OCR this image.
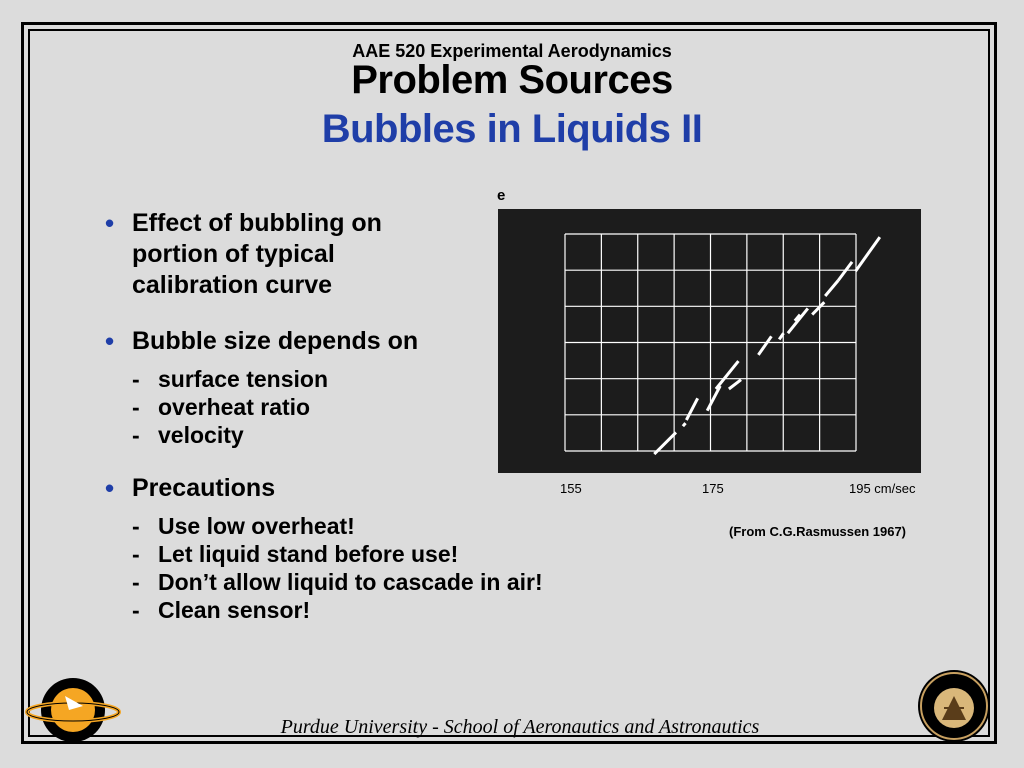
AAE 520 Experimental Aerodynamics
Problem Sources
Bubbles in Liquids II
• Effect of bubbling on
portion of typical
calibration curve
• Bubble size depends on
- surface tension
- overheat ratio
- velocity
• Precautions
- Use low overheat!
- Let liquid stand before use!
- Don’t allow liquid to cascade in air!
- Clean sensor!
e
155	175	195 cm/sec
(From C.G.Rasmussen 1967)
Purdue University - School of Aeronautics and Astronautics
